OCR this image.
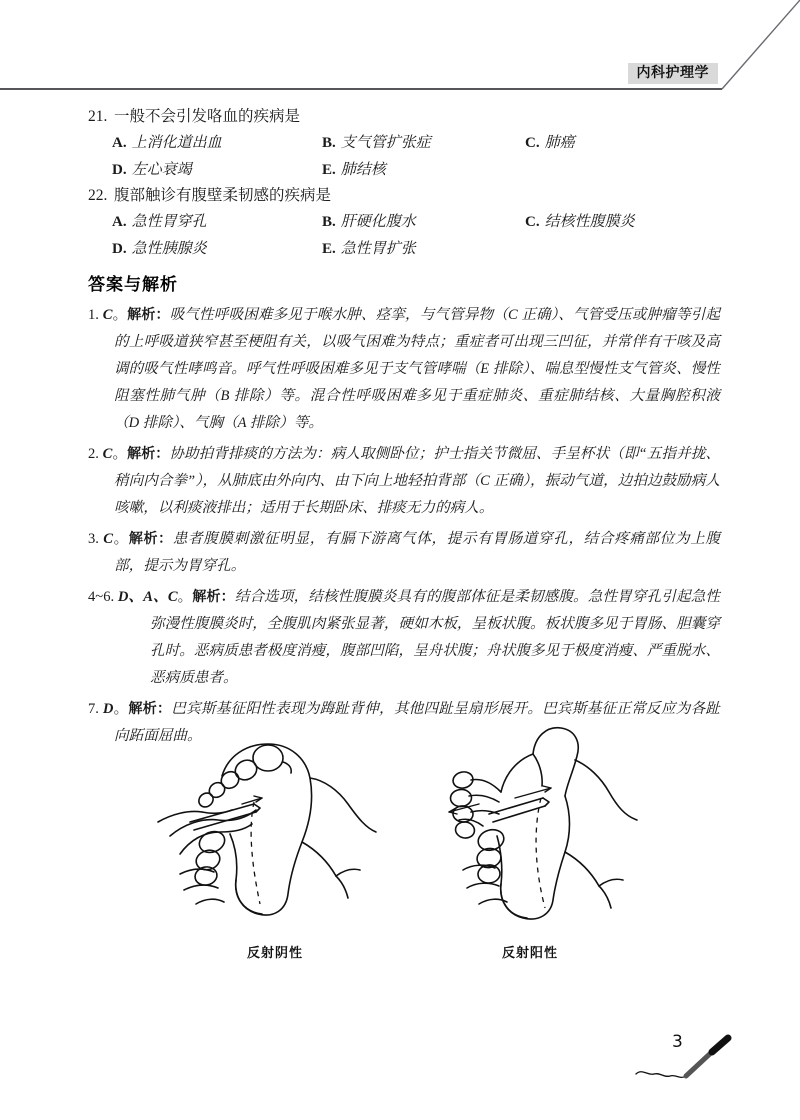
内科护理学
21. 一般不会引发咯血的疾病是
A. 上消化道出血	B. 支气管扩张症	C. 肺癌
D. 左心衰竭	E. 肺结核
22. 腹部触诊有腹壁柔韧感的疾病是
A. 急性胃穿孔	B. 肝硬化腹水	C. 结核性腹膜炎
D. 急性胰腺炎	E. 急性胃扩张
答案与解析
1. C。解析：吸气性呼吸困难多见于喉水肿、痉挛，与气管异物（C 正确）、气管受压或肿瘤等引起的上呼吸道狭窄甚至梗阻有关，以吸气困难为特点；重症者可出现三凹征，并常伴有干咳及高调的吸气性哮鸣音。呼气性呼吸困难多见于支气管哮喘（E 排除）、喘息型慢性支气管炎、慢性阻塞性肺气肿（B 排除）等。混合性呼吸困难多见于重症肺炎、重症肺结核、大量胸腔积液（D 排除）、气胸（A 排除）等。
2. C。解析：协助拍背排痰的方法为：病人取侧卧位；护士指关节微屈、手呈杯状（即“五指并拢、稍向内合拳”），从肺底由外向内、由下向上地轻拍背部（C 正确），振动气道，边拍边鼓励病人咳嗽，以利痰液排出；适用于长期卧床、排痰无力的病人。
3. C。解析：患者腹膜刺激征明显，有膈下游离气体，提示有胃肠道穿孔，结合疼痛部位为上腹部，提示为胃穿孔。
4~6. D、A、C。解析：结合选项，结核性腹膜炎具有的腹部体征是柔韧感腹。急性胃穿孔引起急性弥漫性腹膜炎时，全腹肌肉紧张显著，硬如木板，呈板状腹。板状腹多见于胃肠、胆囊穿孔时。恶病质患者极度消瘦，腹部凹陷，呈舟状腹；舟状腹多见于极度消瘦、严重脱水、恶病质患者。
7. D。解析：巴宾斯基征阳性表现为踇趾背伸，其他四趾呈扇形展开。巴宾斯基征正常反应为各趾向跖面屈曲。
反射阴性	反射阳性
3
